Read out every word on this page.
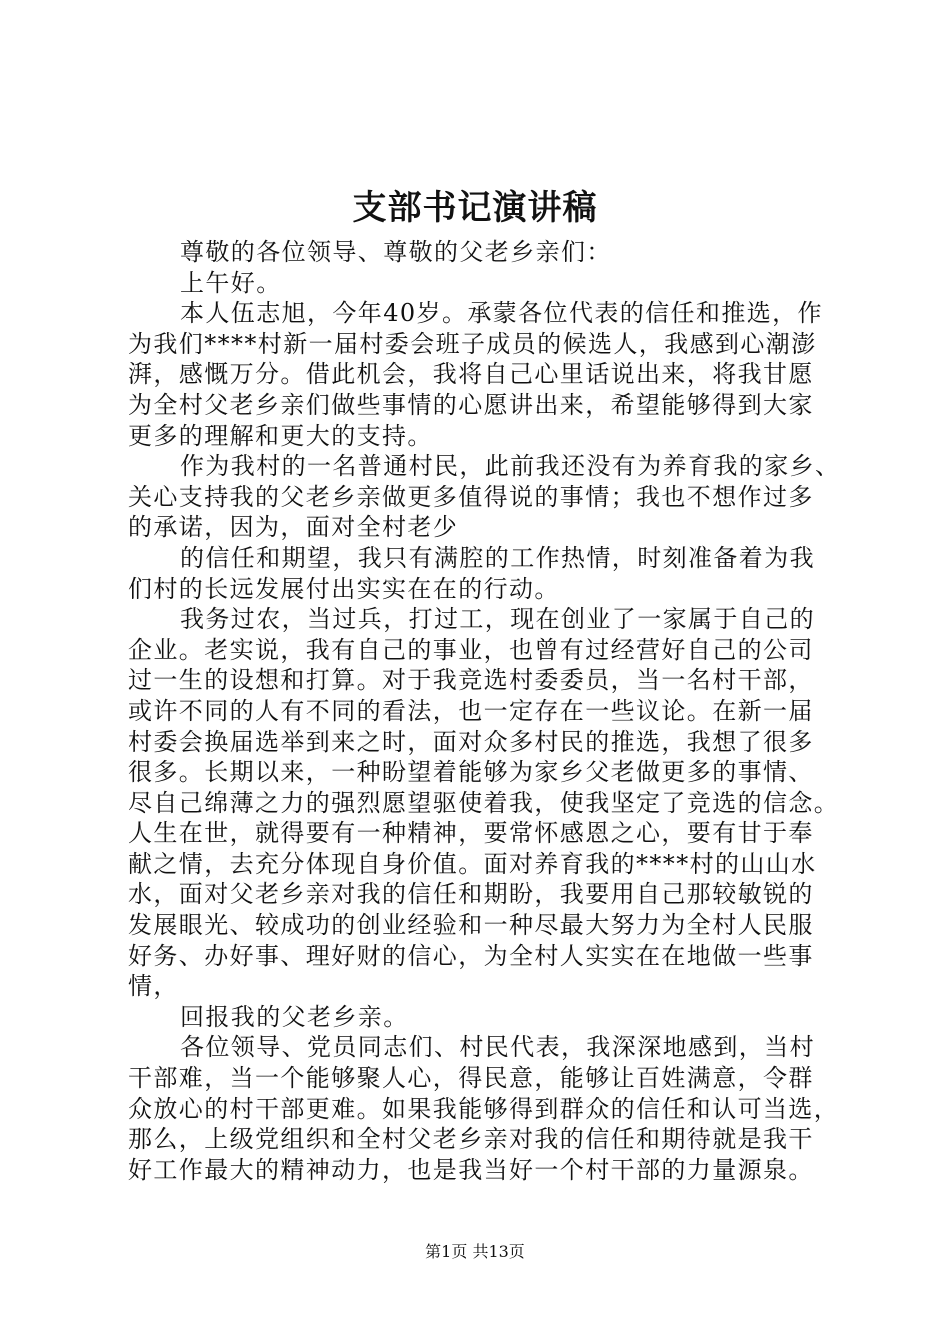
支部书记演讲稿
尊敬的各位领导、尊敬的父老乡亲们：
上午好。
本人伍志旭，今年40岁。承蒙各位代表的信任和推选，作
为我们****村新一届村委会班子成员的候选人，我感到心潮澎
湃，感慨万分。借此机会，我将自己心里话说出来，将我甘愿
为全村父老乡亲们做些事情的心愿讲出来，希望能够得到大家
更多的理解和更大的支持。
作为我村的一名普通村民，此前我还没有为养育我的家乡、
关心支持我的父老乡亲做更多值得说的事情；我也不想作过多
的承诺，因为，面对全村老少
的信任和期望，我只有满腔的工作热情，时刻准备着为我
们村的长远发展付出实实在在的行动。
我务过农，当过兵，打过工，现在创业了一家属于自己的
企业。老实说，我有自己的事业，也曾有过经营好自己的公司
过一生的设想和打算。对于我竞选村委委员，当一名村干部，
或许不同的人有不同的看法，也一定存在一些议论。在新一届
村委会换届选举到来之时，面对众多村民的推选，我想了很多
很多。长期以来，一种盼望着能够为家乡父老做更多的事情、
尽自己绵薄之力的强烈愿望驱使着我，使我坚定了竞选的信念。
人生在世，就得要有一种精神，要常怀感恩之心，要有甘于奉
献之情，去充分体现自身价值。面对养育我的****村的山山水
水，面对父老乡亲对我的信任和期盼，我要用自己那较敏锐的
发展眼光、较成功的创业经验和一种尽最大努力为全村人民服
好务、办好事、理好财的信心，为全村人实实在在地做一些事
情，
回报我的父老乡亲。
各位领导、党员同志们、村民代表，我深深地感到，当村
干部难，当一个能够聚人心，得民意，能够让百姓满意，令群
众放心的村干部更难。如果我能够得到群众的信任和认可当选，
那么，上级党组织和全村父老乡亲对我的信任和期待就是我干
好工作最大的精神动力，也是我当好一个村干部的力量源泉。
第1页 共13页
